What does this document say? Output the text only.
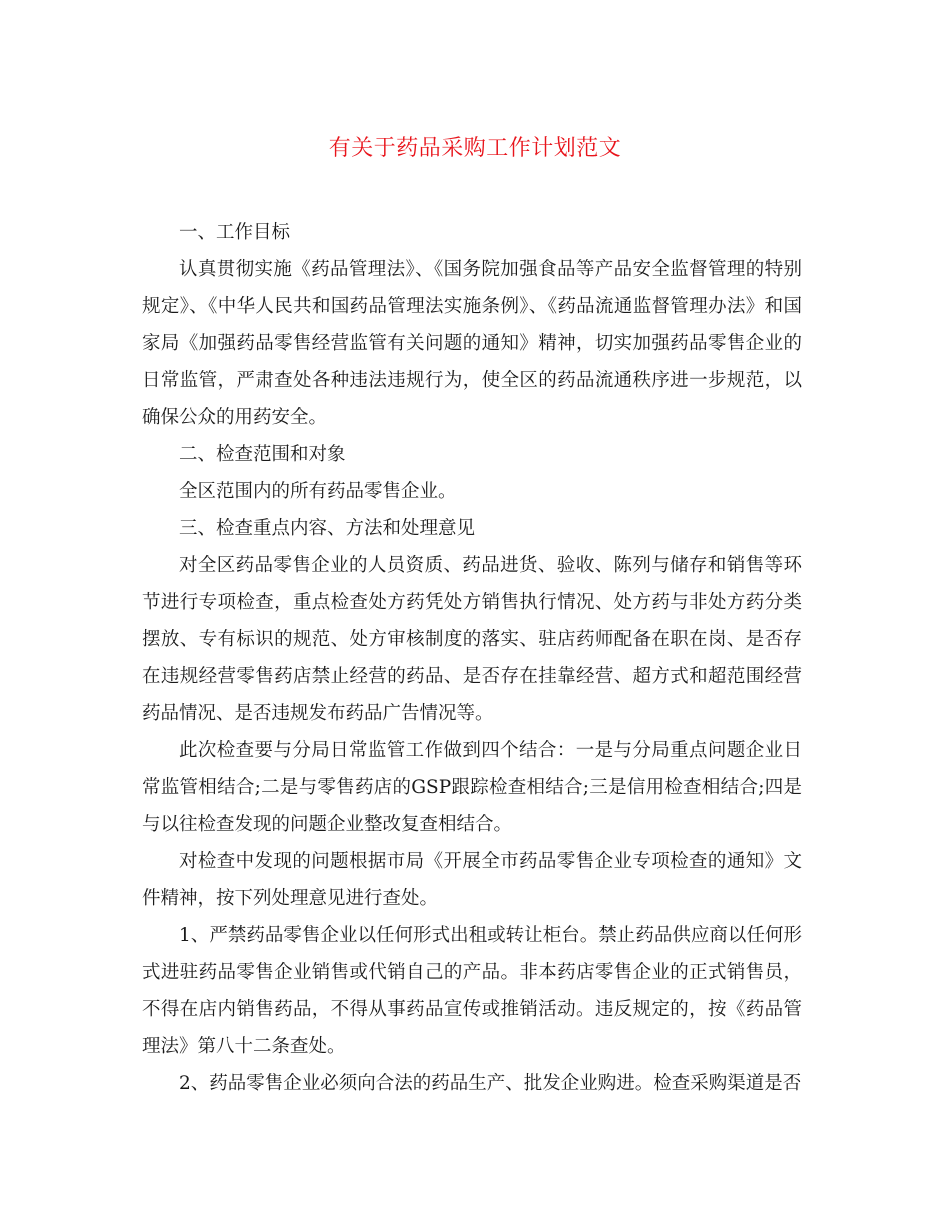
有关于药品采购工作计划范文

一、工作目标

认真贯彻实施《药品管理法》、《国务院加强食品等产品安全监督管理的特别规定》、《中华人民共和国药品管理法实施条例》、《药品流通监督管理办法》和国家局《加强药品零售经营监管有关问题的通知》精神，切实加强药品零售企业的日常监管，严肃查处各种违法违规行为，使全区的药品流通秩序进一步规范，以确保公众的用药安全。

二、检查范围和对象

全区范围内的所有药品零售企业。

三、检查重点内容、方法和处理意见

对全区药品零售企业的人员资质、药品进货、验收、陈列与储存和销售等环节进行专项检查，重点检查处方药凭处方销售执行情况、处方药与非处方药分类摆放、专有标识的规范、处方审核制度的落实、驻店药师配备在职在岗、是否存在违规经营零售药店禁止经营的药品、是否存在挂靠经营、超方式和超范围经营药品情况、是否违规发布药品广告情况等。

此次检查要与分局日常监管工作做到四个结合：一是与分局重点问题企业日常监管相结合;二是与零售药店的GSP跟踪检查相结合;三是信用检查相结合;四是与以往检查发现的问题企业整改复查相结合。

对检查中发现的问题根据市局《开展全市药品零售企业专项检查的通知》文件精神，按下列处理意见进行查处。

1、严禁药品零售企业以任何形式出租或转让柜台。禁止药品供应商以任何形式进驻药品零售企业销售或代销自己的产品。非本药店零售企业的正式销售员，不得在店内销售药品，不得从事药品宣传或推销活动。违反规定的，按《药品管理法》第八十二条查处。

2、药品零售企业必须向合法的药品生产、批发企业购进。检查采购渠道是否
